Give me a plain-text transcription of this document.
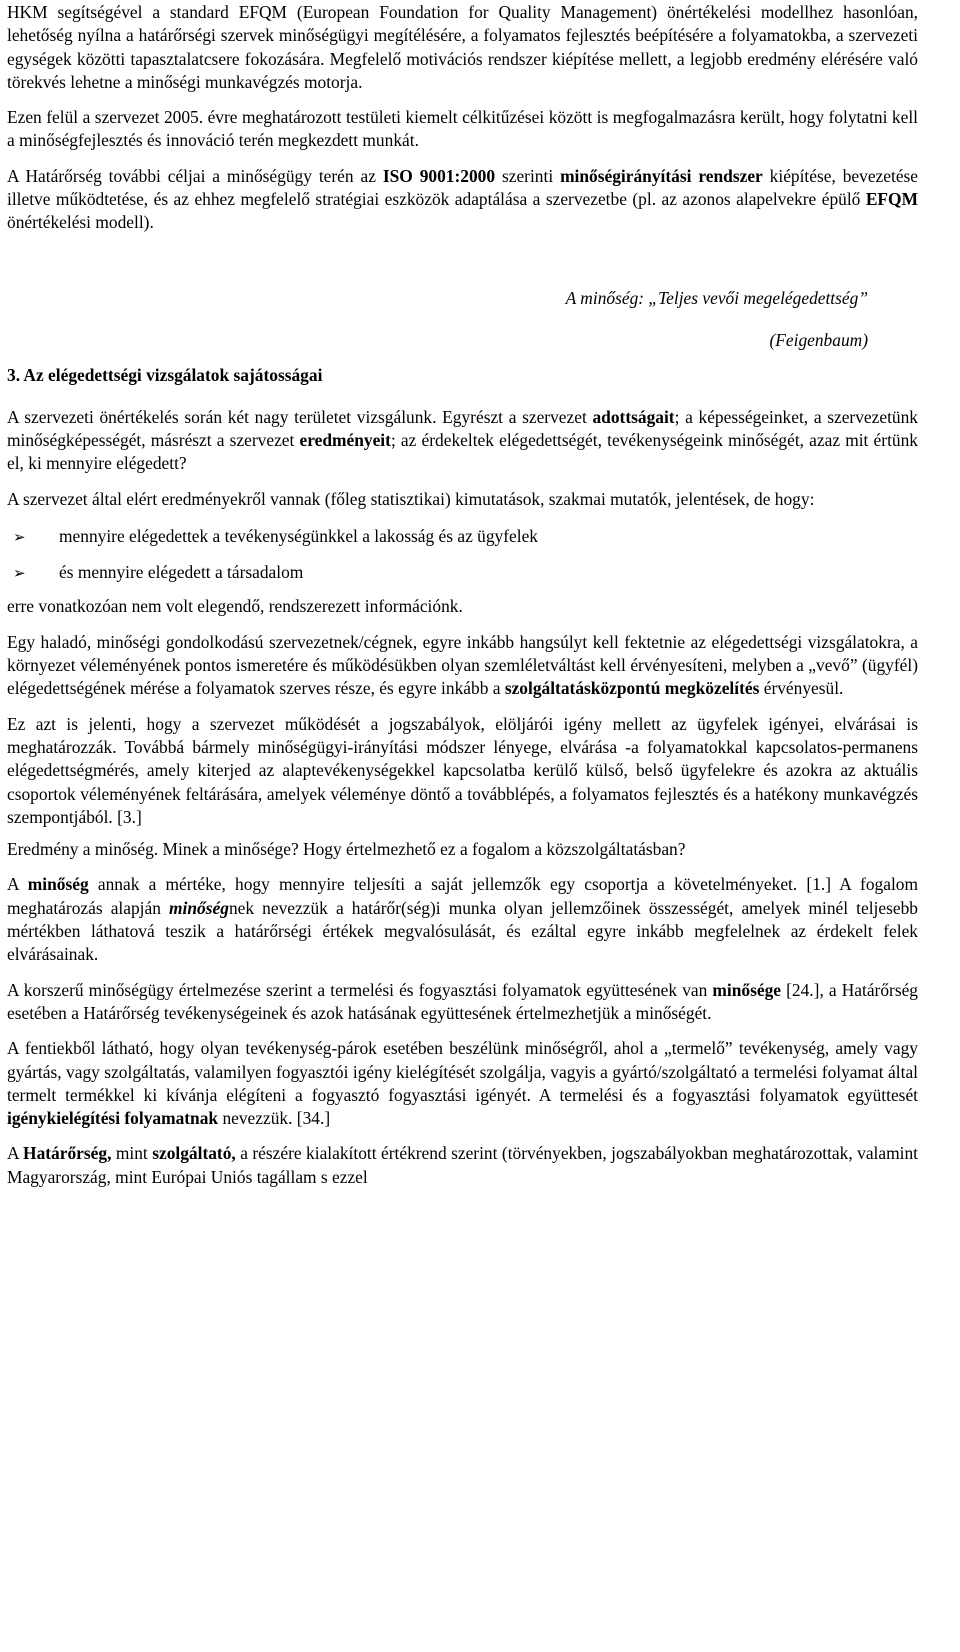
HKM segítségével a standard EFQM (European Foundation for Quality Management) önértékelési modellhez hasonlóan, lehetőség nyílna a határőrségi szervek minőségügyi megítélésére, a folyamatos fejlesztés beépítésére a folyamatokba, a szervezeti egységek közötti tapasztalatcsere fokozására. Megfelelő motivációs rendszer kiépítése mellett, a legjobb eredmény elérésére való törekvés lehetne a minőségi munkavégzés motorja.

Ezen felül a szervezet 2005. évre meghatározott testületi kiemelt célkitűzései között is megfogalmazásra került, hogy folytatni kell a minőségfejlesztés és innováció terén megkezdett munkát.

A Határőrség további céljai a minőségügy terén az ISO 9001:2000 szerinti minőségirányítási rendszer kiépítése, bevezetése illetve működtetése, és az ehhez megfelelő stratégiai eszközök adaptálása a szervezetbe (pl. az azonos alapelvekre épülő EFQM önértékelési modell).

A minőség: „Teljes vevői megelégedettség”
(Feigenbaum)
3. Az elégedettségi vizsgálatok sajátosságai

A szervezeti önértékelés során két nagy területet vizsgálunk. Egyrészt a szervezet adottságait; a képességeinket, a szervezetünk minőségképességét, másrészt a szervezet eredményeit; az érdekeltek elégedettségét, tevékenységeink minőségét, azaz mit értünk el, ki mennyire elégedett?

A szervezet által elért eredményekről vannak (főleg statisztikai) kimutatások, szakmai mutatók, jelentések, de hogy:

➢	mennyire elégedettek a tevékenységünkkel a lakosság és az ügyfelek
➢	és mennyire elégedett a társadalom

erre vonatkozóan nem volt elegendő, rendszerezett információnk.

Egy haladó, minőségi gondolkodású szervezetnek/cégnek, egyre inkább hangsúlyt kell fektetnie az elégedettségi vizsgálatokra, a környezet véleményének pontos ismeretére és működésükben olyan szemléletváltást kell érvényesíteni, melyben a „vevő” (ügyfél) elégedettségének mérése a folyamatok szerves része, és egyre inkább a szolgáltatásközpontú megközelítés érvényesül.

Ez azt is jelenti, hogy a szervezet működését a jogszabályok, elöljárói igény mellett az ügyfelek igényei, elvárásai is meghatározzák. Továbbá bármely minőségügyi-irányítási módszer lényege, elvárása -a folyamatokkal kapcsolatos-permanens elégedettségmérés, amely kiterjed az alaptevékenységekkel kapcsolatba kerülő külső, belső ügyfelekre és azokra az aktuális csoportok véleményének feltárására, amelyek véleménye döntő a továbblépés, a folyamatos fejlesztés és a hatékony munkavégzés szempontjából. [3.]

Eredmény a minőség. Minek a minősége? Hogy értelmezhető ez a fogalom a közszolgáltatásban?

A minőség annak a mértéke, hogy mennyire teljesíti a saját jellemzők egy csoportja a követelményeket. [1.] A fogalom meghatározás alapján minőségnek nevezzük a határőr(ség)i munka olyan jellemzőinek összességét, amelyek minél teljesebb mértékben láthatová teszik a határőrségi értékek megvalósulását, és ezáltal egyre inkább megfelelnek az érdekelt felek elvárásainak.

A korszerű minőségügy értelmezése szerint a termelési és fogyasztási folyamatok együttesének van minősége [24.], a Határőrség esetében a Határőrség tevékenységeinek és azok hatásának együttesének értelmezhetjük a minőségét.

A fentiekből látható, hogy olyan tevékenység-párok esetében beszélünk minőségről, ahol a „termelő” tevékenység, amely vagy gyártás, vagy szolgáltatás, valamilyen fogyasztói igény kielégítését szolgálja, vagyis a gyártó/szolgáltató a termelési folyamat által termelt termékkel ki kívánja elégíteni a fogyasztó fogyasztási igényét. A termelési és a fogyasztási folyamatok együttesét igénykielégítési folyamatnak nevezzük. [34.]

A Határőrség, mint szolgáltató, a részére kialakított értékrend szerint (törvényekben, jogszabályokban meghatározottak, valamint Magyarország, mint Európai Uniós tagállam s ezzel
